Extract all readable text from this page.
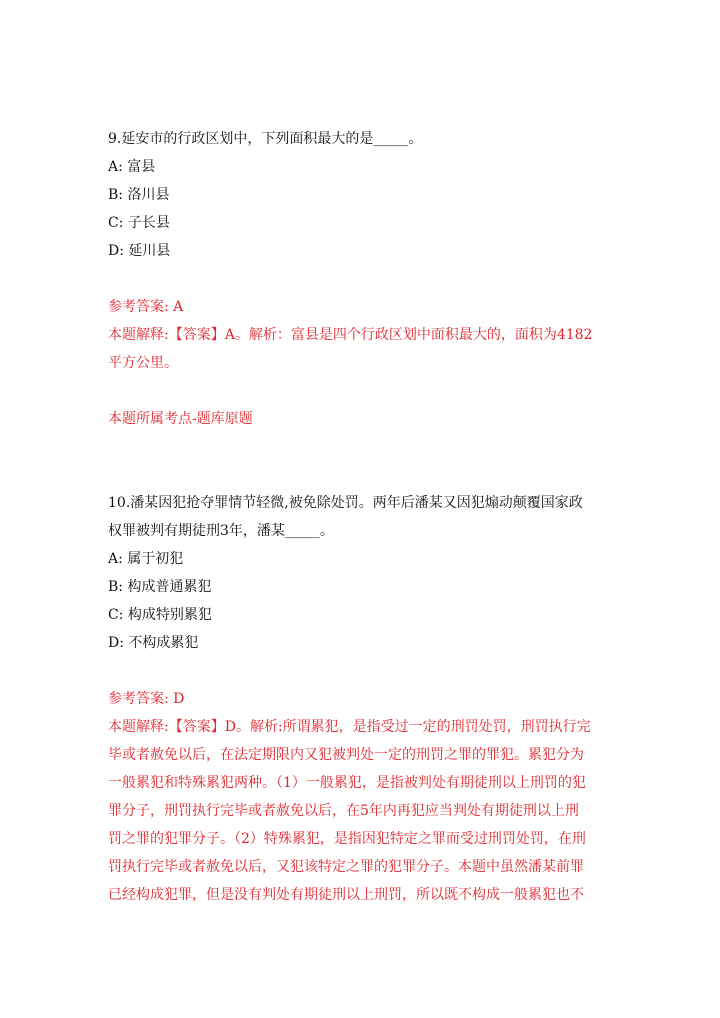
9.延安市的行政区划中，下列面积最大的是_____。
A: 富县
B: 洛川县
C: 子长县
D: 延川县
参考答案: A
本题解释:【答案】A。解析：富县是四个行政区划中面积最大的，面积为4182
平方公里。
本题所属考点-题库原题
10.潘某因犯抢夺罪情节轻微,被免除处罚。两年后潘某又因犯煽动颠覆国家政
权罪被判有期徒刑3年，潘某_____。
A: 属于初犯
B: 构成普通累犯
C: 构成特别累犯
D: 不构成累犯
参考答案: D
本题解释:【答案】D。解析:所谓累犯，是指受过一定的刑罚处罚，刑罚执行完
毕或者赦免以后，在法定期限内又犯被判处一定的刑罚之罪的罪犯。累犯分为
一般累犯和特殊累犯两种。（1）一般累犯，是指被判处有期徒刑以上刑罚的犯
罪分子，刑罚执行完毕或者赦免以后，在5年内再犯应当判处有期徒刑以上刑
罚之罪的犯罪分子。（2）特殊累犯，是指因犯特定之罪而受过刑罚处罚，在刑
罚执行完毕或者赦免以后，又犯该特定之罪的犯罪分子。本题中虽然潘某前罪
已经构成犯罪，但是没有判处有期徒刑以上刑罚，所以既不构成一般累犯也不
